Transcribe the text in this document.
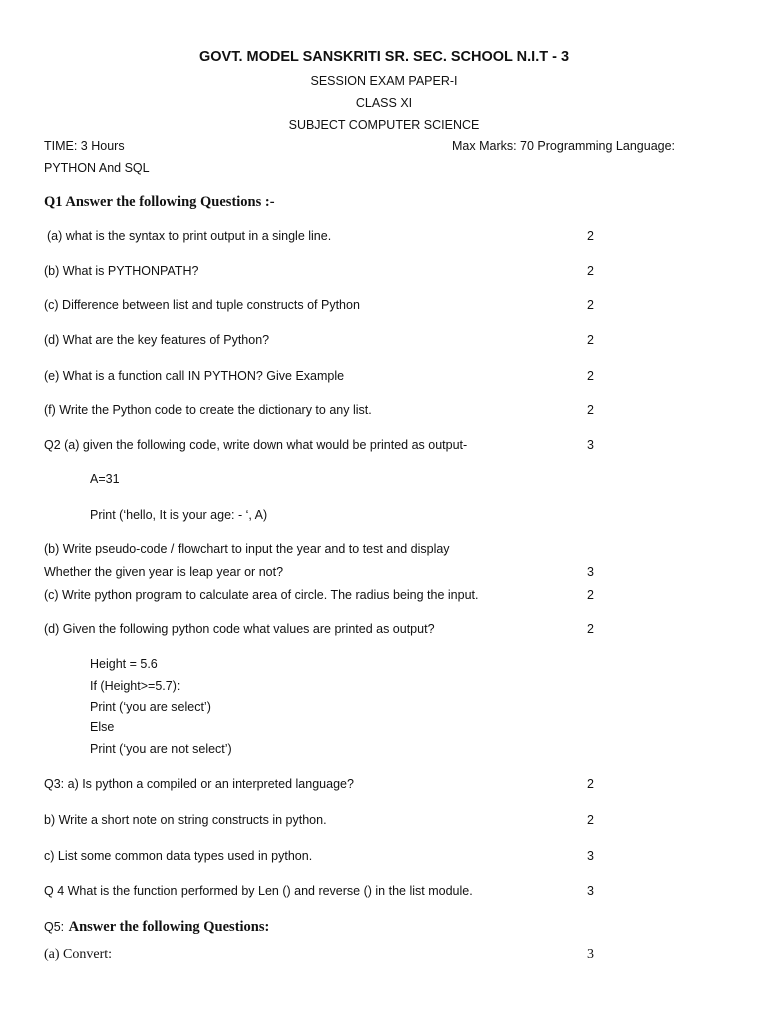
GOVT. MODEL SANSKRITI SR. SEC. SCHOOL N.I.T - 3
SESSION EXAM PAPER-I
CLASS XI
SUBJECT COMPUTER SCIENCE
TIME: 3 Hours	Max Marks: 70 Programming Language:
PYTHON And SQL
Q1 Answer the following Questions :-
(a) what is the syntax to print output in a single line.	2
(b) What is PYTHONPATH?	2
(c) Difference between list and tuple constructs of Python	2
(d) What are the key features of Python?	2
(e) What is a function call IN PYTHON? Give Example	2
(f) Write the Python code to create the dictionary to any list.	2
Q2 (a) given the following code, write down what would be printed as output-	3
A=31
Print (‘hello, It is your age: - ‘, A)
(b) Write pseudo-code / flowchart to input the year and to test and display
Whether the given year is leap year or not?	3
(c) Write python program to calculate area of circle. The radius being the input.	2
(d) Given the following python code what values are printed as output?	2
Height = 5.6
If (Height>=5.7):
Print (‘you are select’)
Else
Print (‘you are not select’)
Q3: a) Is python a compiled or an interpreted language?	2
b) Write a short note on string constructs in python.	2
c) List some common data types used in python.	3
Q 4 What is the function performed by Len () and reverse () in the list module.	3
Q5: Answer the following Questions:
(a) Convert:	3
